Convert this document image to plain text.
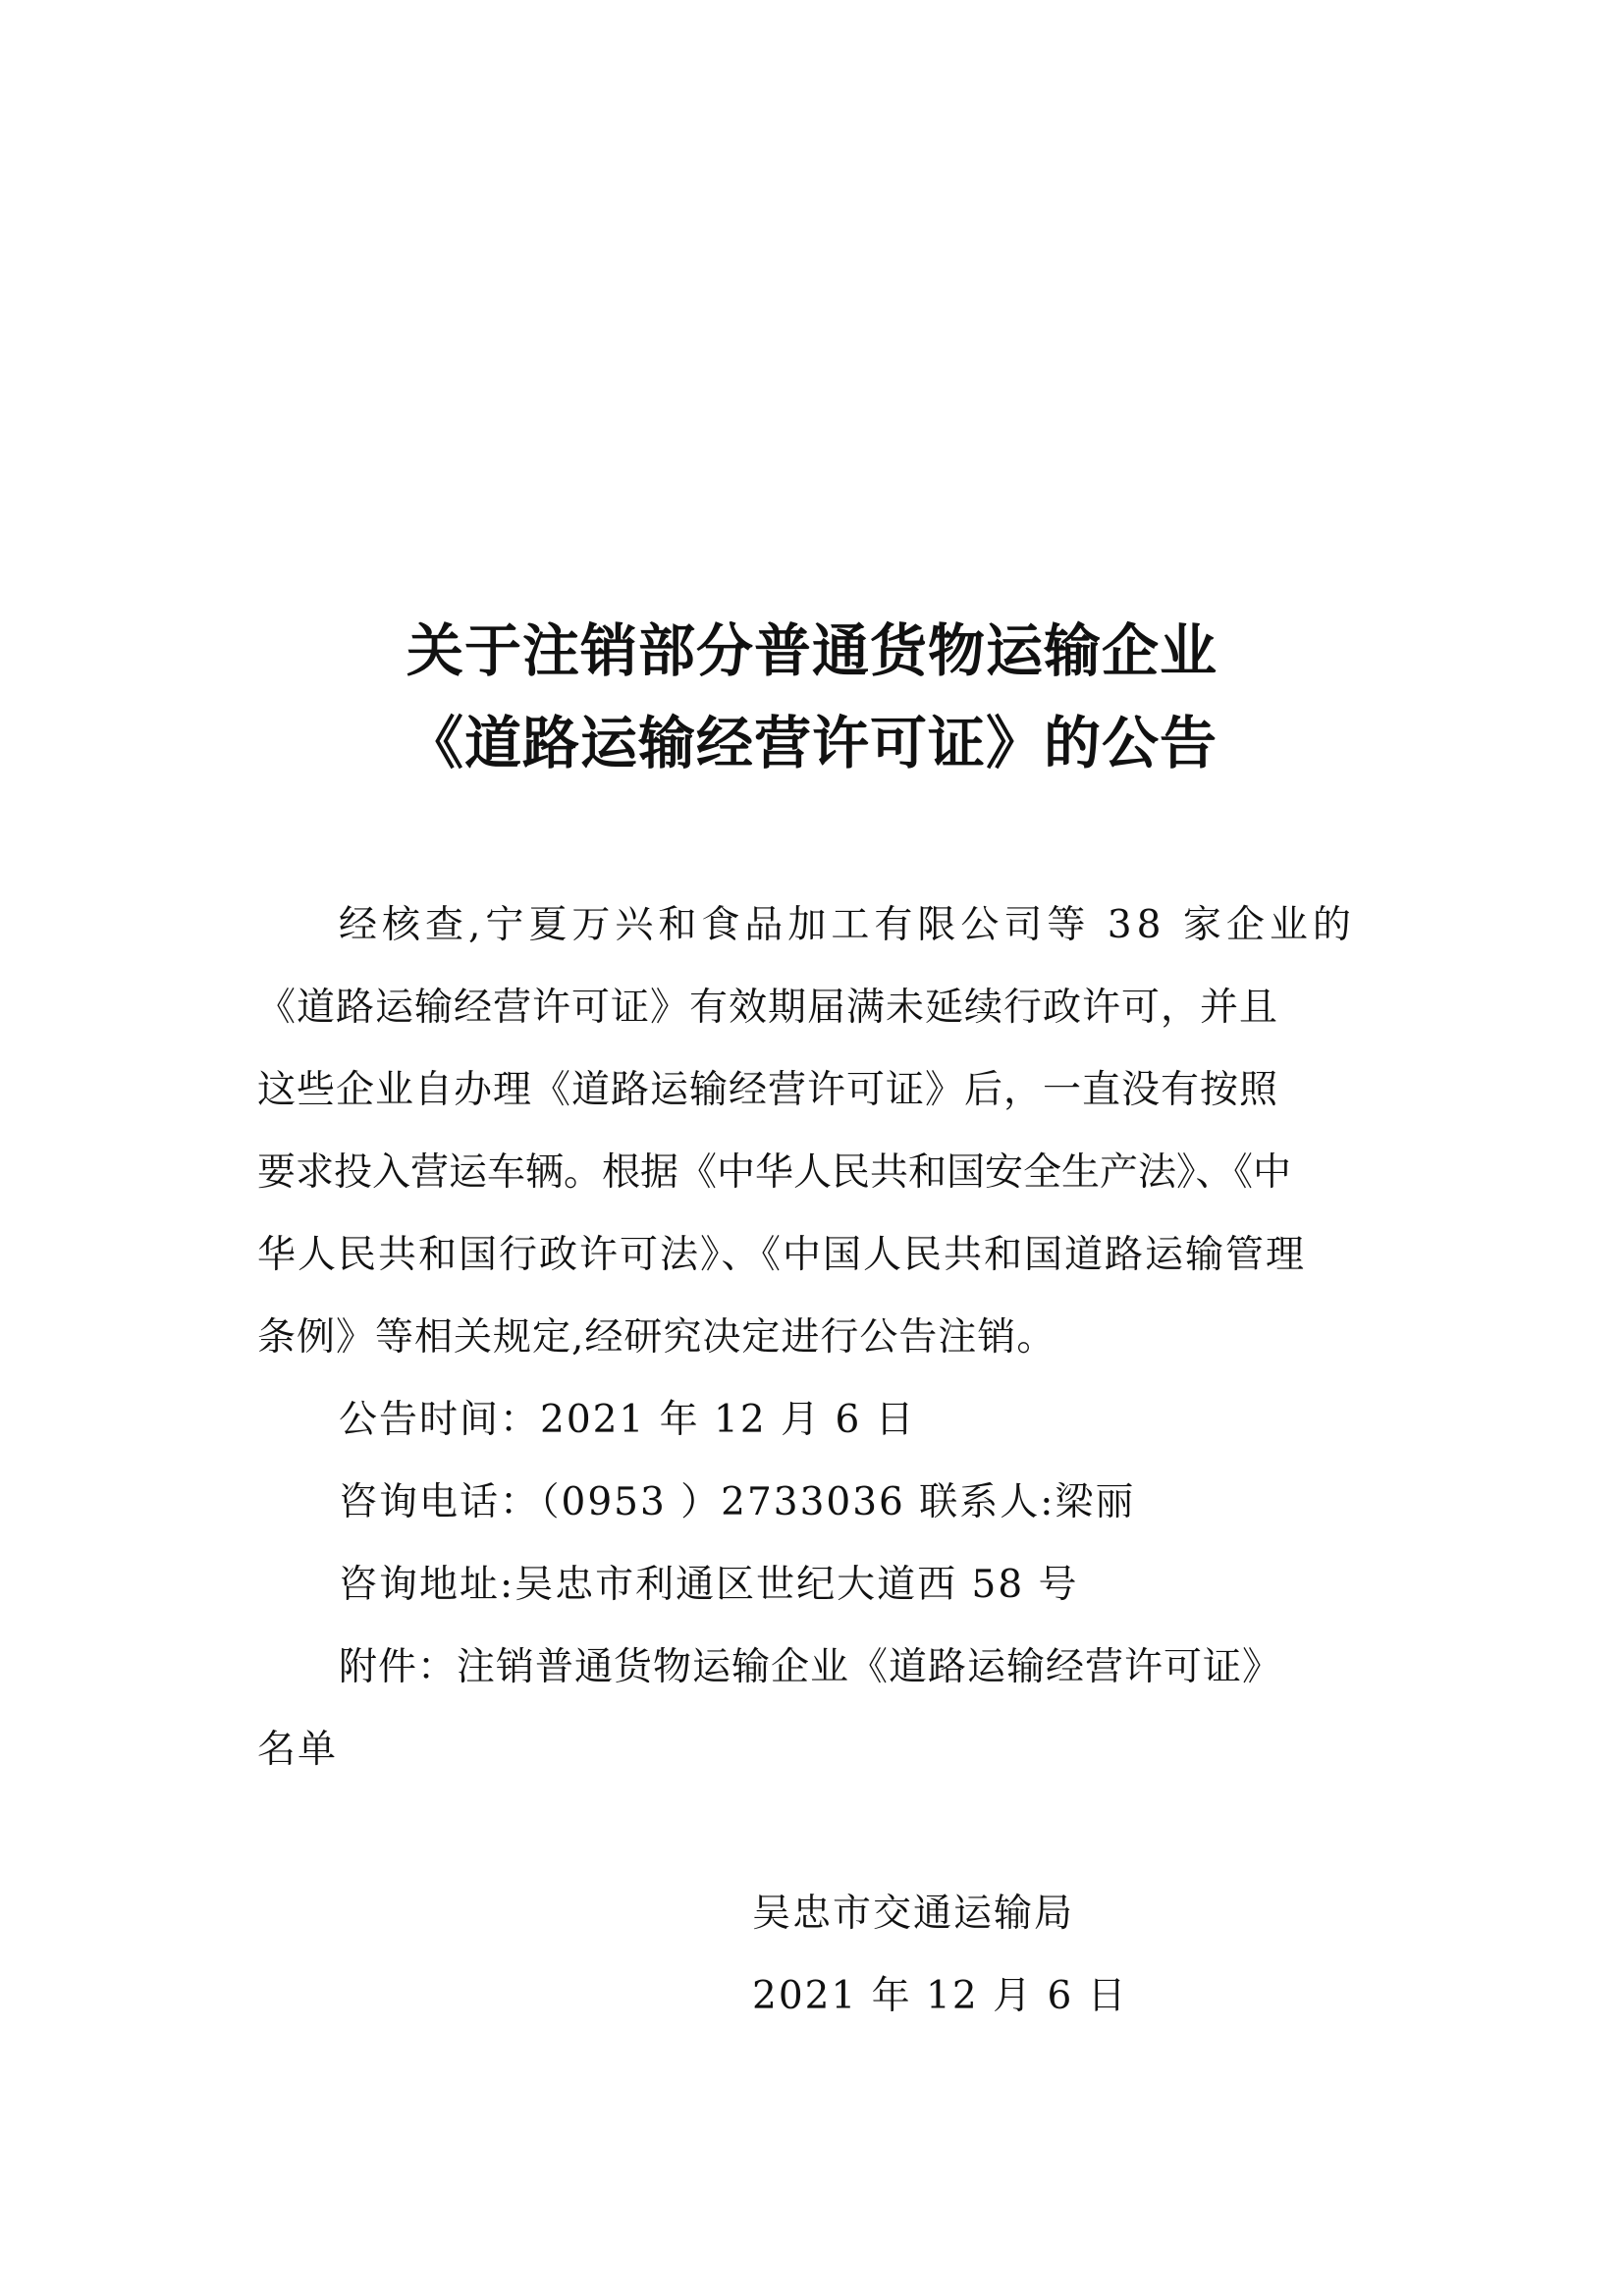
关于注销部分普通货物运输企业
《道路运输经营许可证》的公告
经核查,宁夏万兴和食品加工有限公司等 38 家企业的
《道路运输经营许可证》有效期届满未延续行政许可，并且
这些企业自办理《道路运输经营许可证》后，一直没有按照
要求投入营运车辆。根据《中华人民共和国安全生产法》、《中
华人民共和国行政许可法》、《中国人民共和国道路运输管理
条例》等相关规定,经研究决定进行公告注销。
公告时间：2021 年 12 月 6 日
咨询电话：（0953 ）2733036 联系人:梁丽
咨询地址:吴忠市利通区世纪大道西 58 号
附件：注销普通货物运输企业《道路运输经营许可证》
名单
吴忠市交通运输局
2021 年 12 月 6 日
